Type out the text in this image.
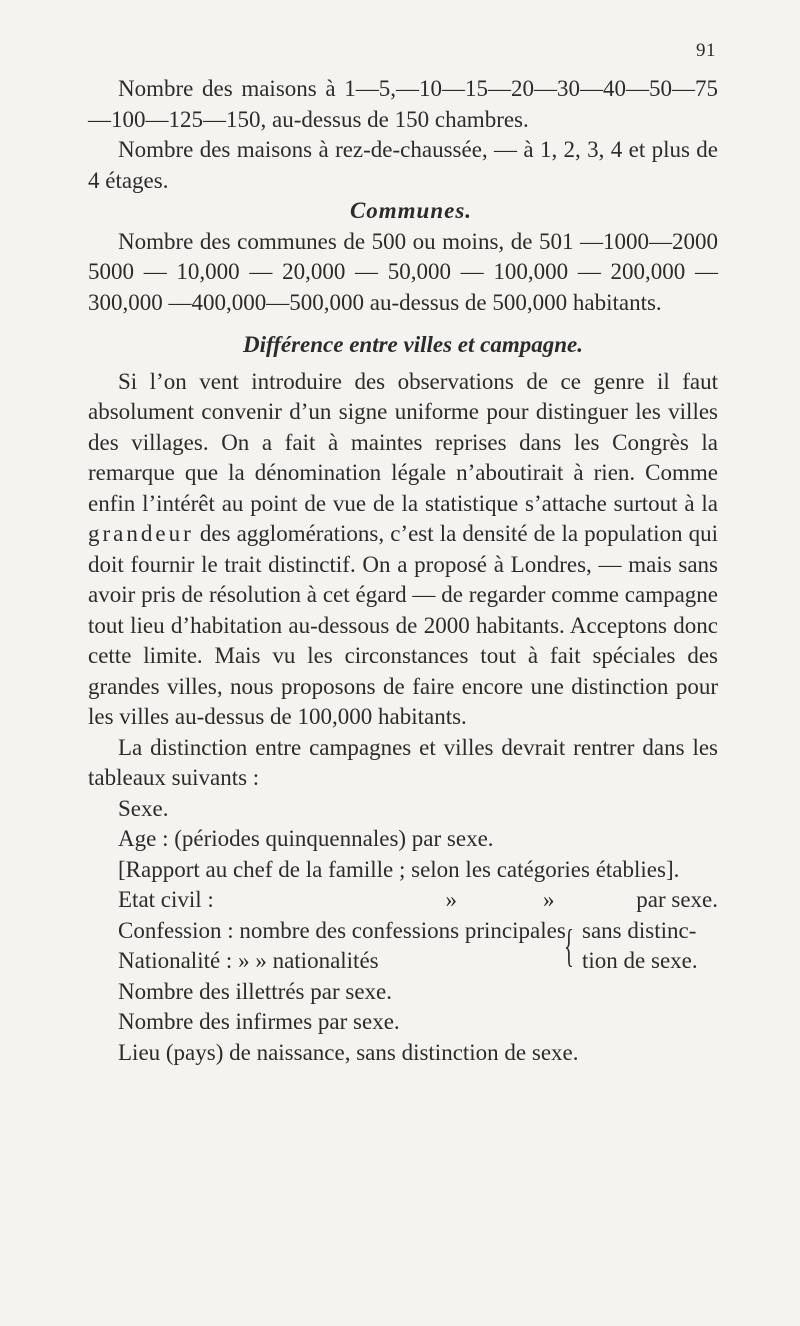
91

Nombre des maisons à 1—5,—10—15—20—30—40—50—75 —100—125—150, au-dessus de 150 chambres.

Nombre des maisons à rez-de-chaussée, — à 1, 2, 3, 4 et plus de 4 étages.

Communes.

Nombre des communes de 500 ou moins, de 501 —1000—2000 5000 — 10,000 — 20,000 — 50,000 — 100,000 — 200,000 — 300,000 —400,000—500,000 au-dessus de 500,000 habitants.

Différence entre villes et campagne.

Si l’on vent introduire des observations de ce genre il faut absolument convenir d’un signe uniforme pour distinguer les villes des villages. On a fait à maintes reprises dans les Congrès la remarque que la dénomination légale n’aboutirait à rien. Comme enfin l’intérêt au point de vue de la statistique s’attache surtout à la grandeur des agglomérations, c’est la densité de la population qui doit fournir le trait distinctif. On a proposé à Londres, — mais sans avoir pris de résolution à cet égard — de regarder comme campagne tout lieu d’habitation au-dessous de 2000 habitants. Acceptons donc cette limite. Mais vu les circonstances tout à fait spéciales des grandes villes, nous proposons de faire encore une distinction pour les villes au-dessus de 100,000 habitants.

La distinction entre campagnes et villes devrait rentrer dans les tableaux suivants :

Sexe.

Age : (périodes quinquennales) par sexe.

[Rapport au chef de la famille ; selon les catégories établies].

Etat civil :	»	»	par sexe.

Confession : nombre des confessions principales
Nationalité : » » nationalités	{ sans distinc-
tion de sexe.

Nombre des illettrés par sexe.

Nombre des infirmes par sexe.

Lieu (pays) de naissance, sans distinction de sexe.
